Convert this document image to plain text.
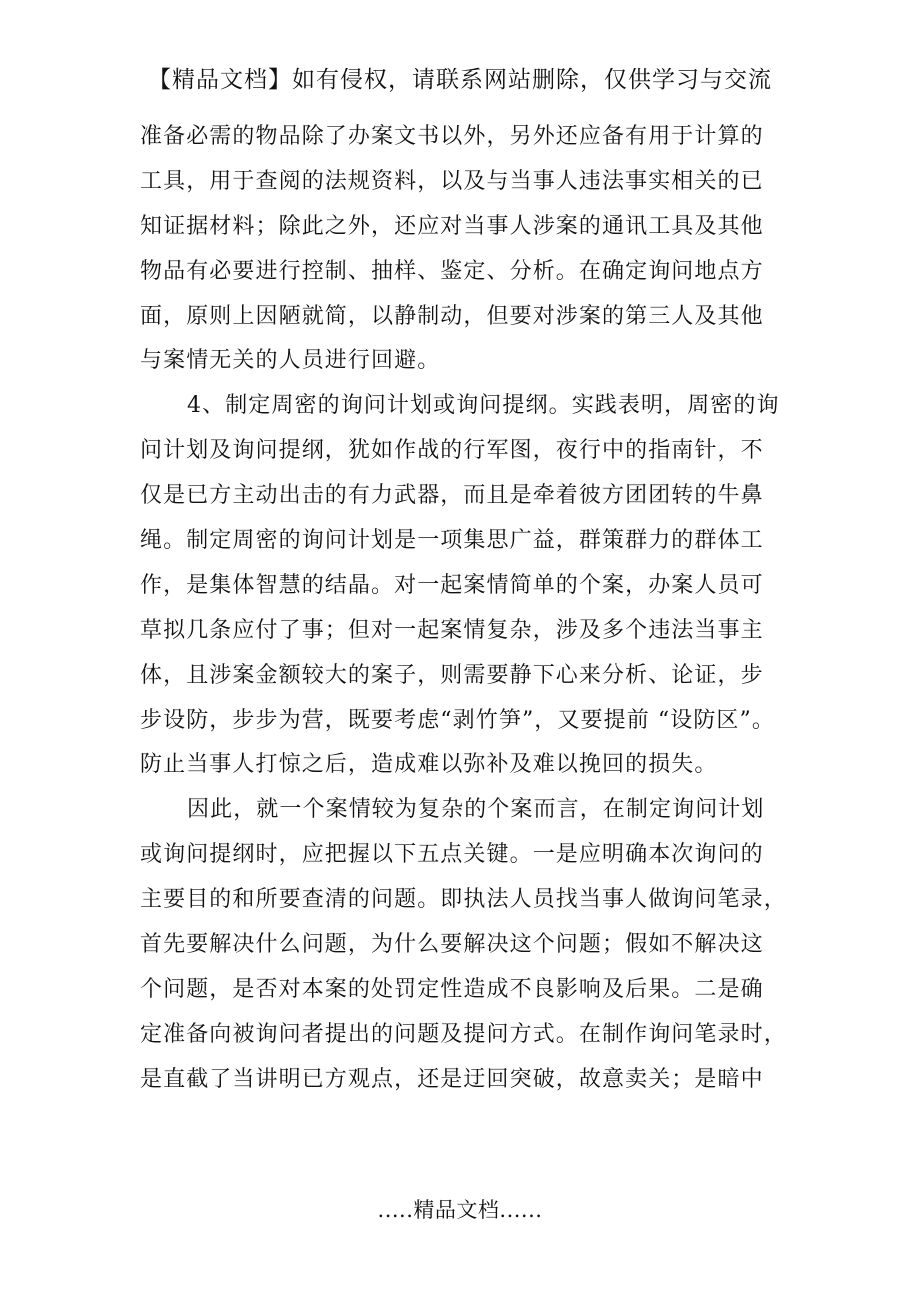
【精品文档】如有侵权，请联系网站删除，仅供学习与交流
准备必需的物品除了办案文书以外，另外还应备有用于计算的
工具，用于查阅的法规资料，以及与当事人违法事实相关的已
知证据材料；除此之外，还应对当事人涉案的通讯工具及其他
物品有必要进行控制、抽样、鉴定、分析。在确定询问地点方
面，原则上因陋就简，以静制动，但要对涉案的第三人及其他
与案情无关的人员进行回避。
4、制定周密的询问计划或询问提纲。实践表明，周密的询
问计划及询问提纲，犹如作战的行军图，夜行中的指南针，不
仅是已方主动出击的有力武器，而且是牵着彼方团团转的牛鼻
绳。制定周密的询问计划是一项集思广益，群策群力的群体工
作，是集体智慧的结晶。对一起案情简单的个案，办案人员可
草拟几条应付了事；但对一起案情复杂，涉及多个违法当事主
体，且涉案金额较大的案子，则需要静下心来分析、论证，步
步设防，步步为营，既要考虑“剥竹笋”，又要提前 “设防区”。
防止当事人打惊之后，造成难以弥补及难以挽回的损失。
因此，就一个案情较为复杂的个案而言，在制定询问计划
或询问提纲时，应把握以下五点关键。一是应明确本次询问的
主要目的和所要查清的问题。即执法人员找当事人做询问笔录，
首先要解决什么问题，为什么要解决这个问题；假如不解决这
个问题，是否对本案的处罚定性造成不良影响及后果。二是确
定准备向被询问者提出的问题及提问方式。在制作询问笔录时，
是直截了当讲明已方观点，还是迂回突破，故意卖关；是暗中
.....精品文档......
